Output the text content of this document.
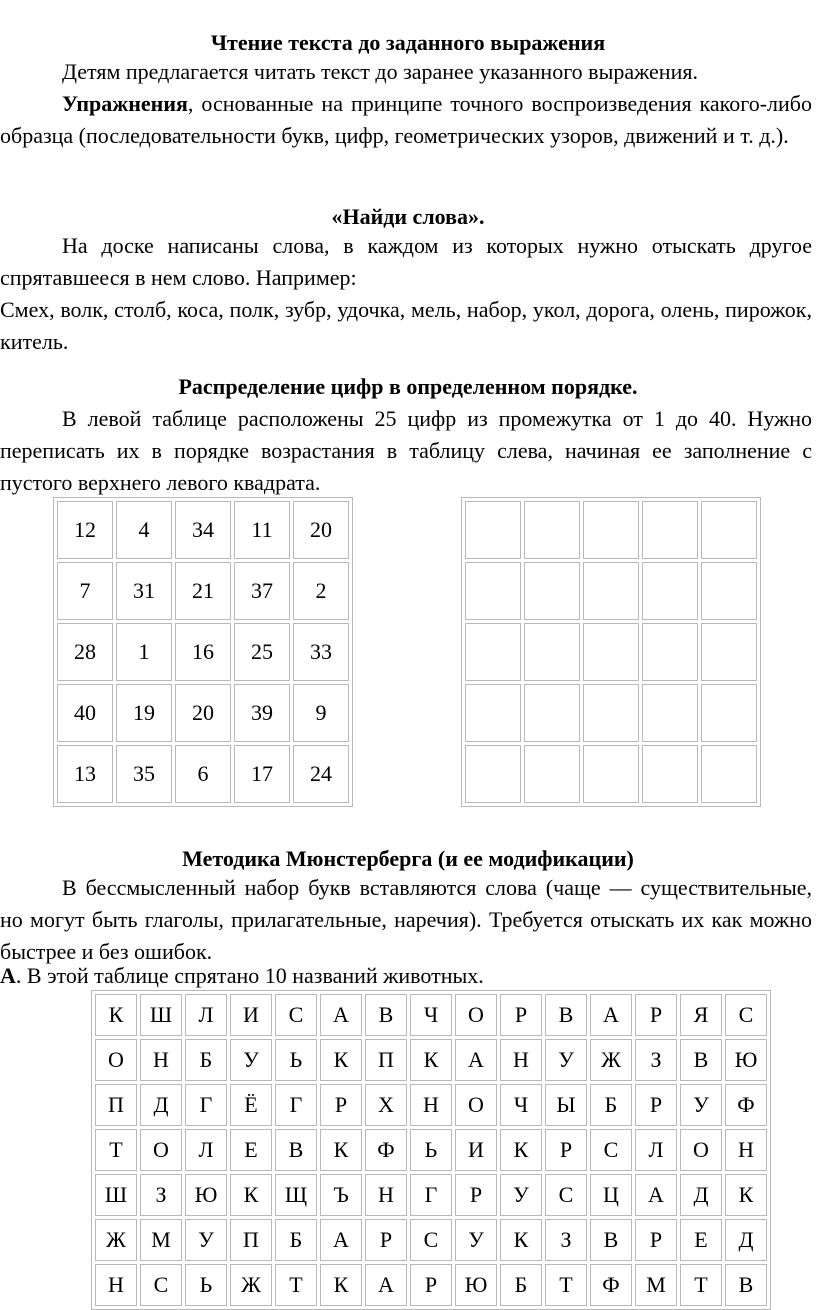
Чтение текста до заданного выражения
Детям предлагается читать текст до заранее указанного выражения.
Упражнения, основанные на принципе точного воспроизведения какого-либо образца (последовательности букв, цифр, геометрических узоров, движений и т. д.).
«Найди слова».
На доске написаны слова, в каждом из которых нужно отыскать другое спрятавшееся в нем слово. Например:
Смех, волк, столб, коса, полк, зубр, удочка, мель, набор, укол, дорога, олень, пирожок, китель.
Распределение цифр в определенном порядке.
В левой таблице расположены 25 цифр из промежутка от 1 до 40. Нужно переписать их в порядке возрастания в таблицу слева, начиная ее заполнение с пустого верхнего левого квадрата.
12	4	34	11	20
7	31	21	37	2
28	1	16	25	33
40	19	20	39	9
13	35	6	17	24

Методика Мюнстерберга (и ее модификации)
В бессмысленный набор букв вставляются слова (чаще — существительные, но могут быть глаголы, прилагательные, наречия). Требуется отыскать их как можно быстрее и без ошибок.
А. В этой таблице спрятано 10 названий животных.
К	Ш	Л	И	С	А	В	Ч	О	Р	В	А	Р	Я	С
О	Н	Б	У	Ь	К	П	К	А	Н	У	Ж	З	В	Ю
П	Д	Г	Ё	Г	Р	Х	Н	О	Ч	Ы	Б	Р	У	Ф
Т	О	Л	Е	В	К	Ф	Ь	И	К	Р	С	Л	О	Н
Ш	З	Ю	К	Щ	Ъ	Н	Г	Р	У	С	Ц	А	Д	К
Ж	М	У	П	Б	А	Р	С	У	К	З	В	Р	Е	Д
Н	С	Ь	Ж	Т	К	А	Р	Ю	Б	Т	Ф	М	Т	В
